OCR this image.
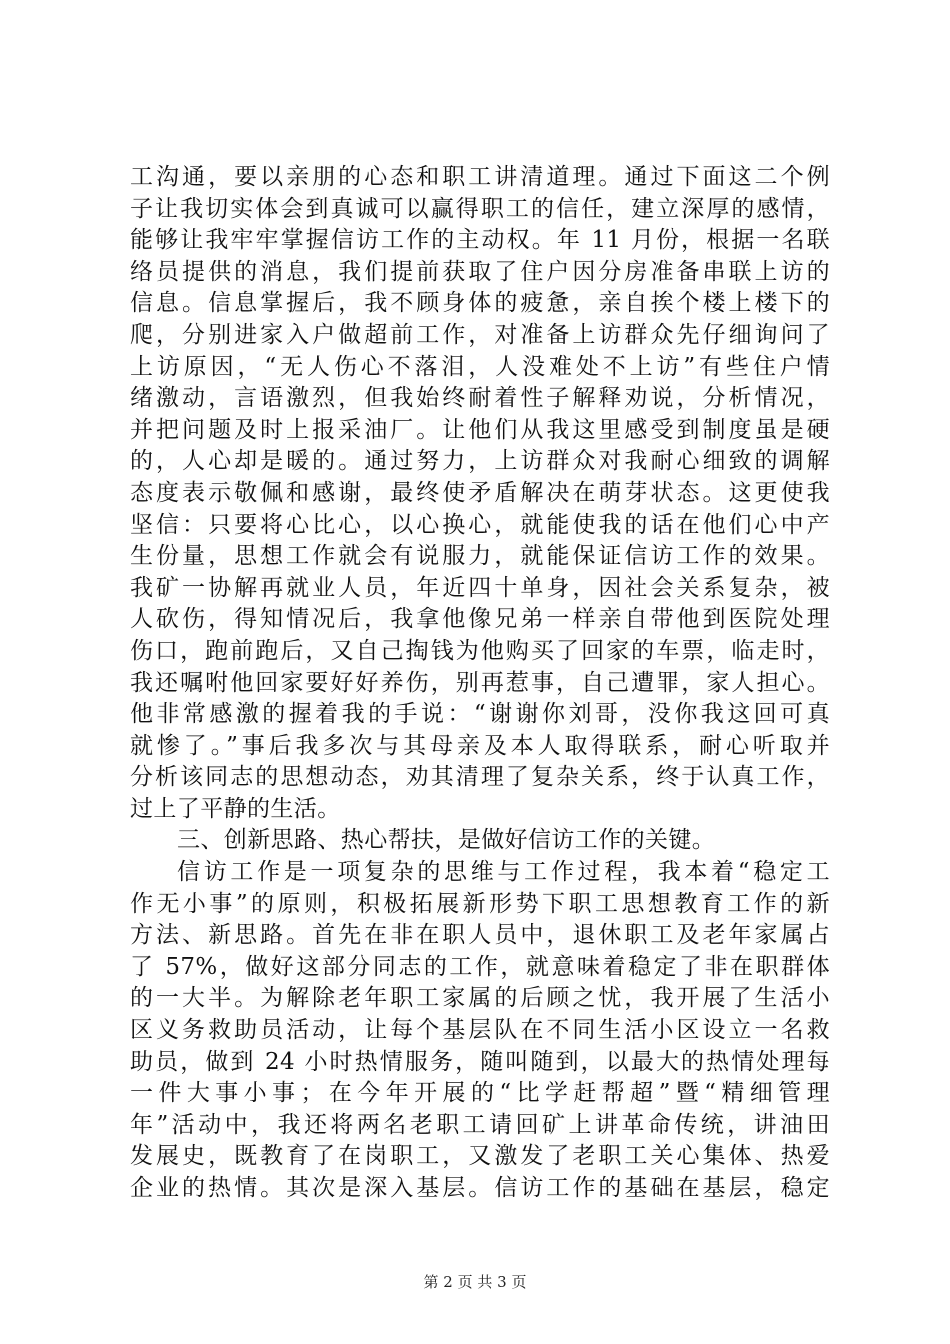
工沟通，要以亲朋的心态和职工讲清道理。通过下面这二个例
子让我切实体会到真诚可以赢得职工的信任，建立深厚的感情，
能够让我牢牢掌握信访工作的主动权。年 11 月份，根据一名联
络员提供的消息，我们提前获取了住户因分房准备串联上访的
信息。信息掌握后，我不顾身体的疲惫，亲自挨个楼上楼下的
爬，分别进家入户做超前工作，对准备上访群众先仔细询问了
上访原因，“无人伤心不落泪，人没难处不上访”有些住户情
绪激动，言语激烈，但我始终耐着性子解释劝说，分析情况，
并把问题及时上报采油厂。让他们从我这里感受到制度虽是硬
的，人心却是暖的。通过努力，上访群众对我耐心细致的调解
态度表示敬佩和感谢，最终使矛盾解决在萌芽状态。这更使我
坚信：只要将心比心，以心换心，就能使我的话在他们心中产
生份量，思想工作就会有说服力，就能保证信访工作的效果。
我矿一协解再就业人员，年近四十单身，因社会关系复杂，被
人砍伤，得知情况后，我拿他像兄弟一样亲自带他到医院处理
伤口，跑前跑后，又自己掏钱为他购买了回家的车票，临走时，
我还嘱咐他回家要好好养伤，别再惹事，自己遭罪，家人担心。
他非常感激的握着我的手说：“谢谢你刘哥，没你我这回可真
就惨了。”事后我多次与其母亲及本人取得联系，耐心听取并
分析该同志的思想动态，劝其清理了复杂关系，终于认真工作，
过上了平静的生活。
三、创新思路、热心帮扶，是做好信访工作的关键。
信访工作是一项复杂的思维与工作过程，我本着“稳定工
作无小事”的原则，积极拓展新形势下职工思想教育工作的新
方法、新思路。首先在非在职人员中，退休职工及老年家属占
了 57%，做好这部分同志的工作，就意味着稳定了非在职群体
的一大半。为解除老年职工家属的后顾之忧，我开展了生活小
区义务救助员活动，让每个基层队在不同生活小区设立一名救
助员，做到 24 小时热情服务，随叫随到，以最大的热情处理每
一件大事小事；在今年开展的“比学赶帮超”暨“精细管理
年”活动中，我还将两名老职工请回矿上讲革命传统，讲油田
发展史，既教育了在岗职工，又激发了老职工关心集体、热爱
企业的热情。其次是深入基层。信访工作的基础在基层，稳定
第 2 页 共 3 页
